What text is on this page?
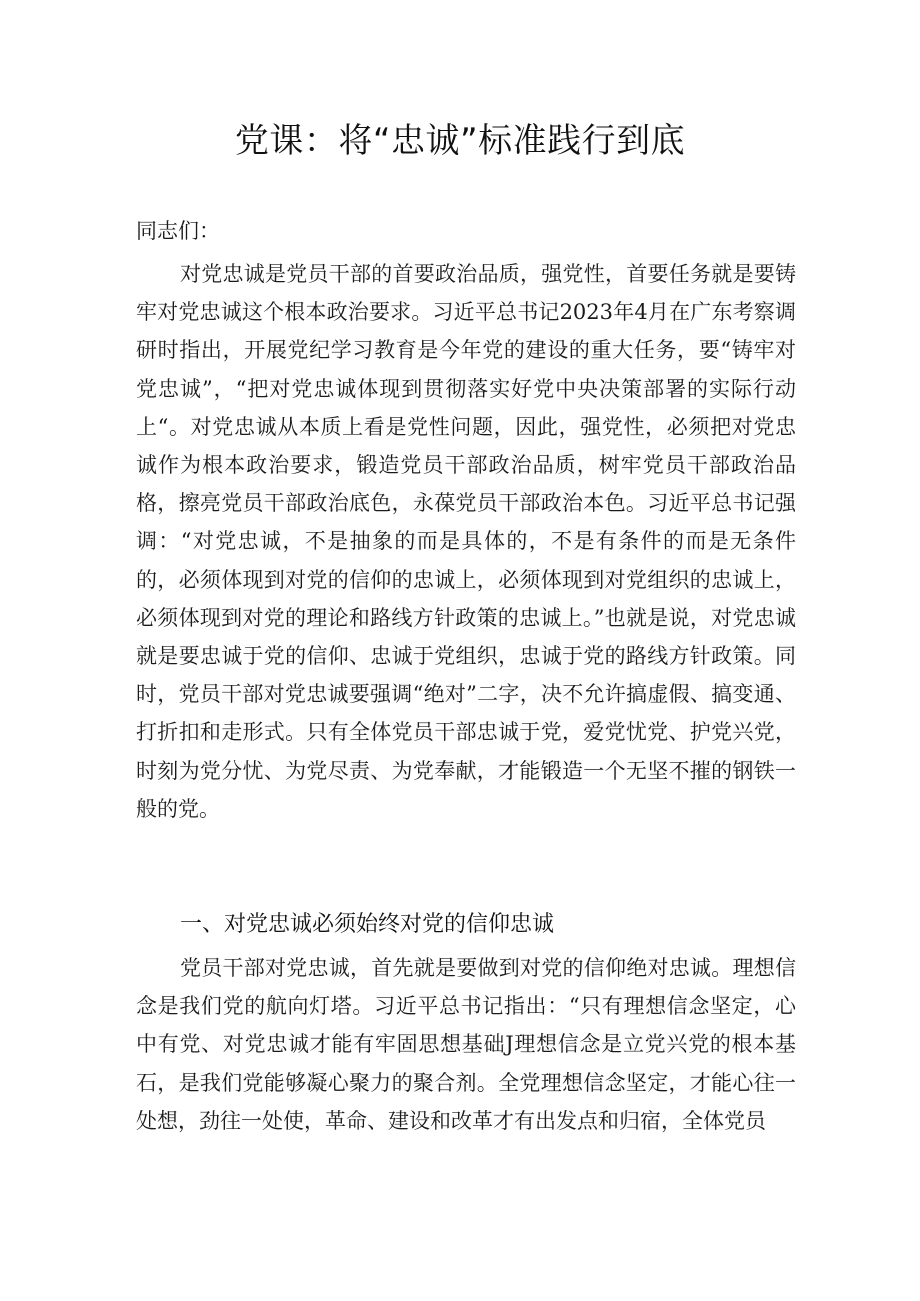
党课：将“忠诚”标准践行到底

同志们：

对党忠诚是党员干部的首要政治品质，强党性，首要任务就是要铸牢对党忠诚这个根本政治要求。习近平总书记2023年4月在广东考察调研时指出，开展党纪学习教育是今年党的建设的重大任务，要“铸牢对党忠诚”，“把对党忠诚体现到贯彻落实好党中央决策部署的实际行动上“。对党忠诚从本质上看是党性问题，因此，强党性，必须把对党忠诚作为根本政治要求，锻造党员干部政治品质，树牢党员干部政治品格，擦亮党员干部政治底色，永葆党员干部政治本色。习近平总书记强调：“对党忠诚，不是抽象的而是具体的，不是有条件的而是无条件的，必须体现到对党的信仰的忠诚上，必须体现到对党组织的忠诚上，必须体现到对党的理论和路线方针政策的忠诚上。”也就是说，对党忠诚就是要忠诚于党的信仰、忠诚于党组织，忠诚于党的路线方针政策。同时，党员干部对党忠诚要强调“绝对”二字，决不允许搞虚假、搞变通、打折扣和走形式。只有全体党员干部忠诚于党，爱党忧党、护党兴党，时刻为党分忧、为党尽责、为党奉献，才能锻造一个无坚不摧的钢铁一般的党。

一、对党忠诚必须始终对党的信仰忠诚

党员干部对党忠诚，首先就是要做到对党的信仰绝对忠诚。理想信念是我们党的航向灯塔。习近平总书记指出：“只有理想信念坚定，心中有党、对党忠诚才能有牢固思想基础J理想信念是立党兴党的根本基石，是我们党能够凝心聚力的聚合剂。全党理想信念坚定，才能心往一处想，劲往一处使，革命、建设和改革才有出发点和归宿，全体党员
